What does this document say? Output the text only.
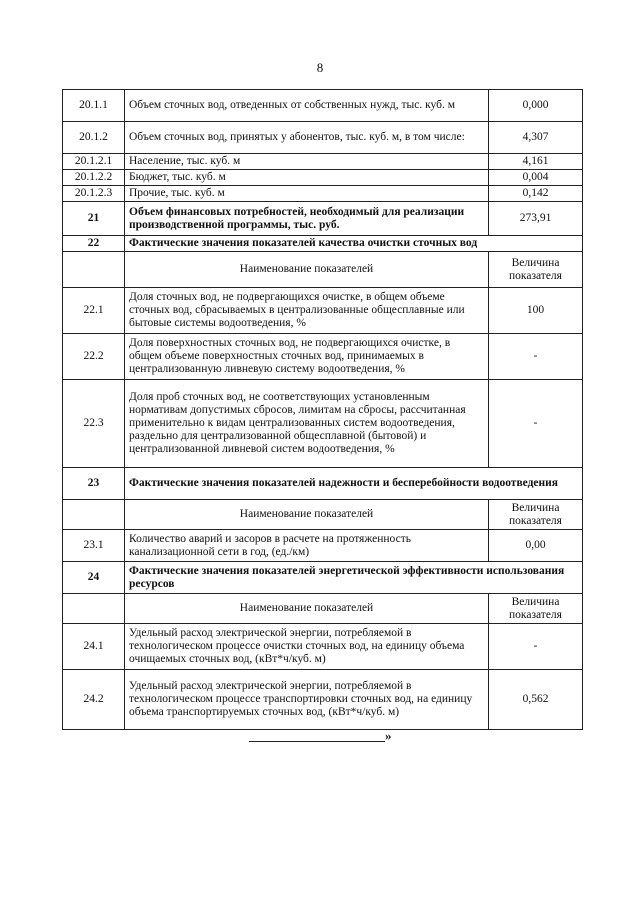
8
20.1.1	Объем сточных вод, отведенных от собственных нужд, тыс. куб. м	0,000
20.1.2	Объем сточных вод, принятых у абонентов, тыс. куб. м, в том числе:	4,307
20.1.2.1	Население, тыс. куб. м	4,161
20.1.2.2	Бюджет, тыс. куб. м	0,004
20.1.2.3	Прочие, тыс. куб. м	0,142
21	Объем финансовых потребностей, необходимый для реализации производственной программы, тыс. руб.	273,91
22	Фактические значения показателей качества очистки сточных вод	
	Наименование показателей	Величина показателя
22.1	Доля сточных вод, не подвергающихся очистке, в общем объеме сточных вод, сбрасываемых в централизованные общесплавные или бытовые системы водоотведения, %	100
22.2	Доля поверхностных сточных вод, не подвергающихся очистке, в общем объеме поверхностных сточных вод, принимаемых в централизованную ливневую систему водоотведения, %	-
22.3	Доля проб сточных вод, не соответствующих установленным нормативам допустимых сбросов, лимитам на сбросы, рассчитанная применительно к видам централизованных систем водоотведения, раздельно для централизованной общесплавной (бытовой) и централизованной ливневой систем водоотведения, %	-
23	Фактические значения показателей надежности и бесперебойности водоотведения	
	Наименование показателей	Величина показателя
23.1	Количество аварий и засоров в расчете на протяженность канализационной сети в год, (ед./км)	0,00
24	Фактические значения показателей энергетической эффективности использования ресурсов	
	Наименование показателей	Величина показателя
24.1	Удельный расход электрической энергии, потребляемой в технологическом процессе очистки сточных вод, на единицу объема очищаемых сточных вод, (кВт*ч/куб. м)	-
24.2	Удельный расход электрической энергии, потребляемой в технологическом процессе транспортировки сточных вод, на единицу объема транспортируемых сточных вод, (кВт*ч/куб. м)	0,562
»
